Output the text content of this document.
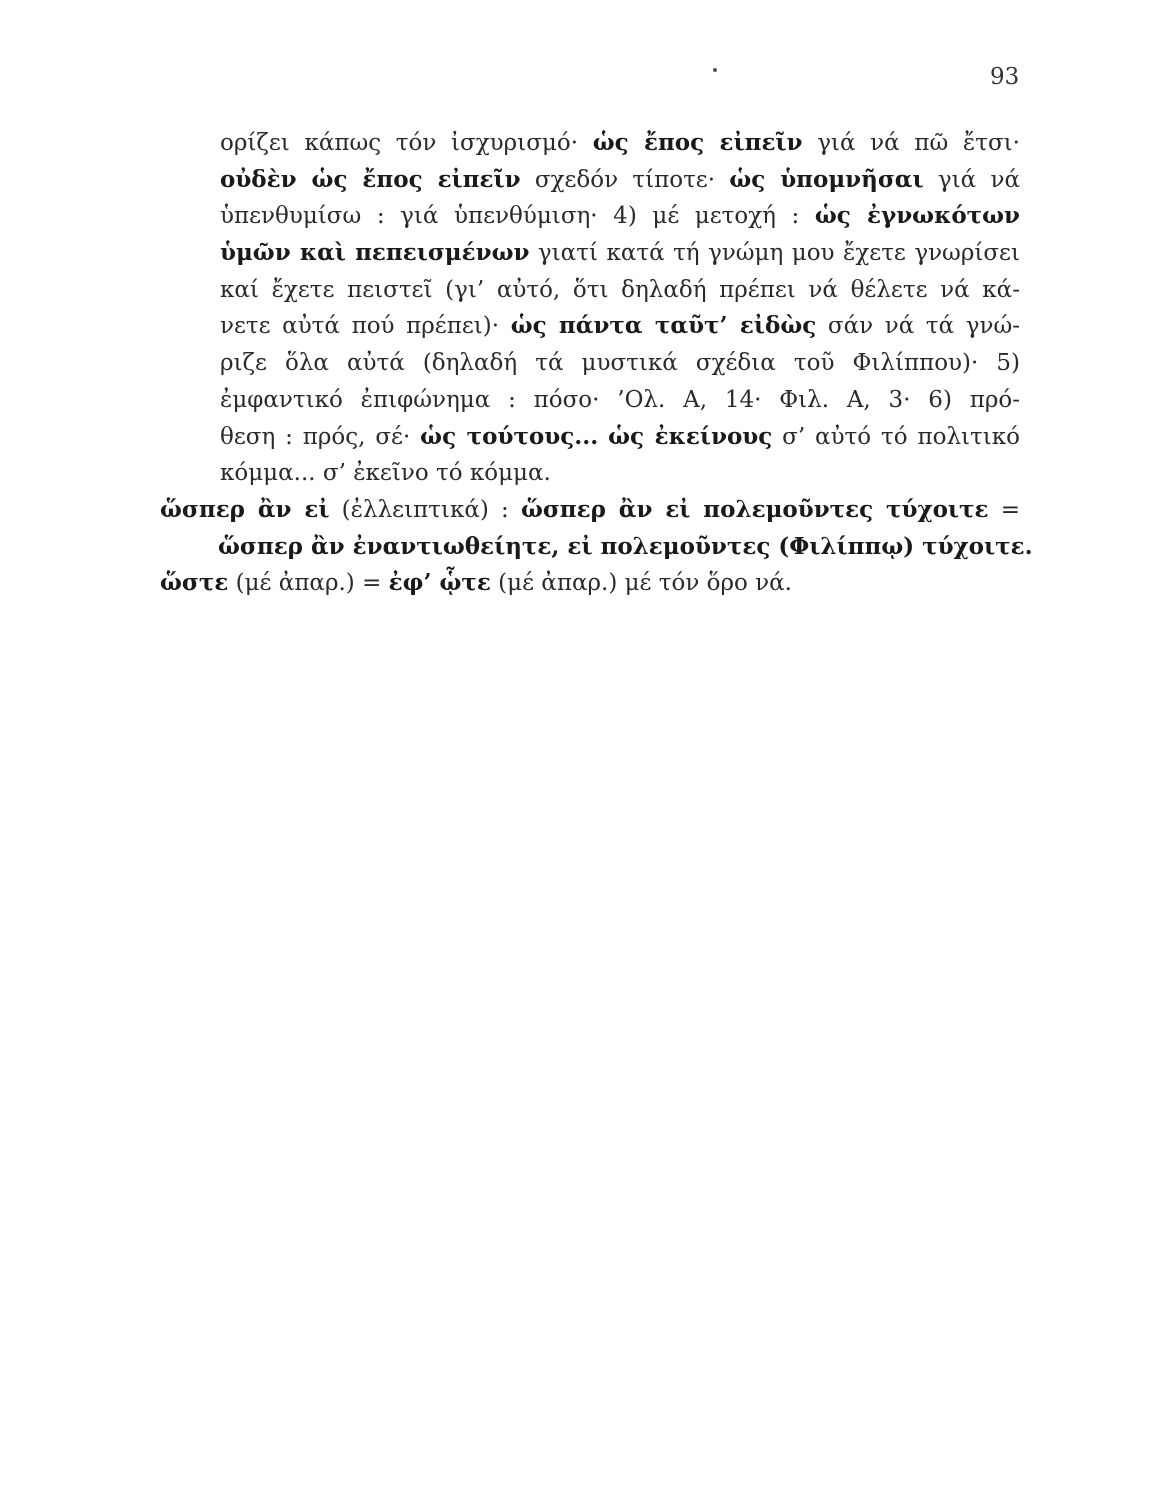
93
ορίζει κάπως τόν ἰσχυρισμό· ὡς ἔπος εἰπεῖν γιά νά πῶ ἔτσι·
οὐδὲν ὡς ἔπος εἰπεῖν σχεδόν τίποτε· ὡς ὑπομνῆσαι γιά νά
ὑπενθυμίσω : γιά ὑπενθύμιση· 4) μέ μετοχή : ὡς ἐγνωκότων
ὑμῶν καὶ πεπεισμένων γιατί κατά τή γνώμη μου ἔχετε γνωρίσει
καί ἔχετε πειστεῖ (γι’ αὐτό, ὅτι δηλαδή πρέπει νά θέλετε νά κά-
νετε αὐτά πού πρέπει)· ὡς πάντα ταῦτ’ εἰδὼς σάν νά τά γνώ-
ριζε ὅλα αὐτά (δηλαδή τά μυστικά σχέδια τοῦ Φιλίππου)· 5)
ἐμφαντικό ἐπιφώνημα : πόσο· ’Ολ. Α, 14· Φιλ. Α, 3· 6) πρό-
θεση : πρός, σέ· ὡς τούτους... ὡς ἐκείνους σ’ αὐτό τό πολιτικό
κόμμα... σ’ ἐκεῖνο τό κόμμα.
ὥσπερ ἂν εἰ (ἐλλειπτικά) : ὥσπερ ἂν εἰ πολεμοῦντες τύχοιτε =
ὥσπερ ἂν ἐναντιωθείητε, εἰ πολεμοῦντες (Φιλίππῳ) τύχοιτε.
ὥστε (μέ ἀπαρ.) = ἐφ’ ᾧτε (μέ ἀπαρ.) μέ τόν ὅρο νά.
